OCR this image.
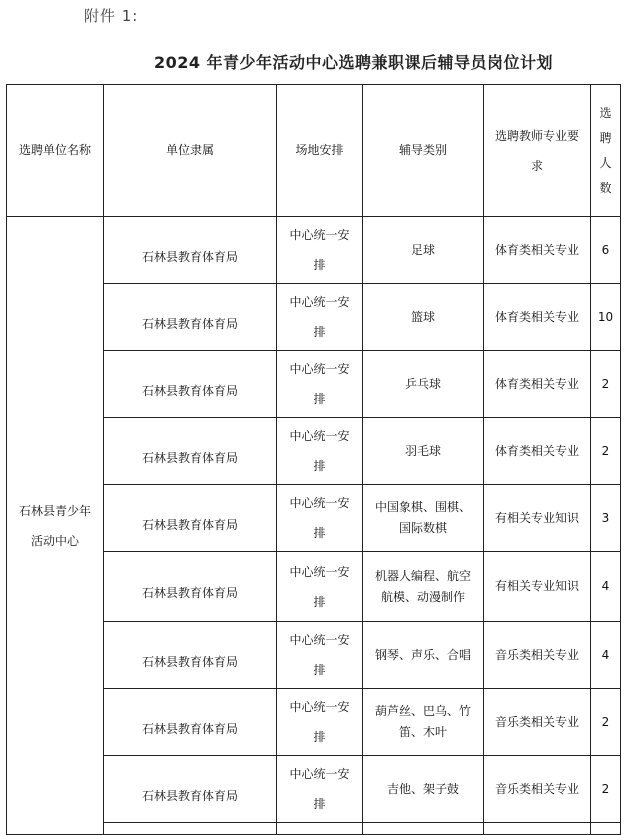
附件 1:
2024 年青少年活动中心选聘兼职课后辅导员岗位计划
选聘单位名称	单位隶属	场地安排	辅导类别	选聘教师专业要求	选聘人数

石林县青少年活动中心	石林县教育体育局	中心统一安排	足球	体育类相关专业	6

	石林县教育体育局	中心统一安排	篮球	体育类相关专业	10

	石林县教育体育局	中心统一安排	乒乓球	体育类相关专业	2

	石林县教育体育局	中心统一安排	羽毛球	体育类相关专业	2

	石林县教育体育局	中心统一安排	中国象棋、围棋、国际数棋	有相关专业知识	3

	石林县教育体育局	中心统一安排	机器人编程、航空航模、动漫制作	有相关专业知识	4

	石林县教育体育局	中心统一安排	钢琴、声乐、合唱	音乐类相关专业	4

	石林县教育体育局	中心统一安排	葫芦丝、巴乌、竹笛、木叶	音乐类相关专业	2

	石林县教育体育局	中心统一安排	吉他、架子鼓	音乐类相关专业	2
